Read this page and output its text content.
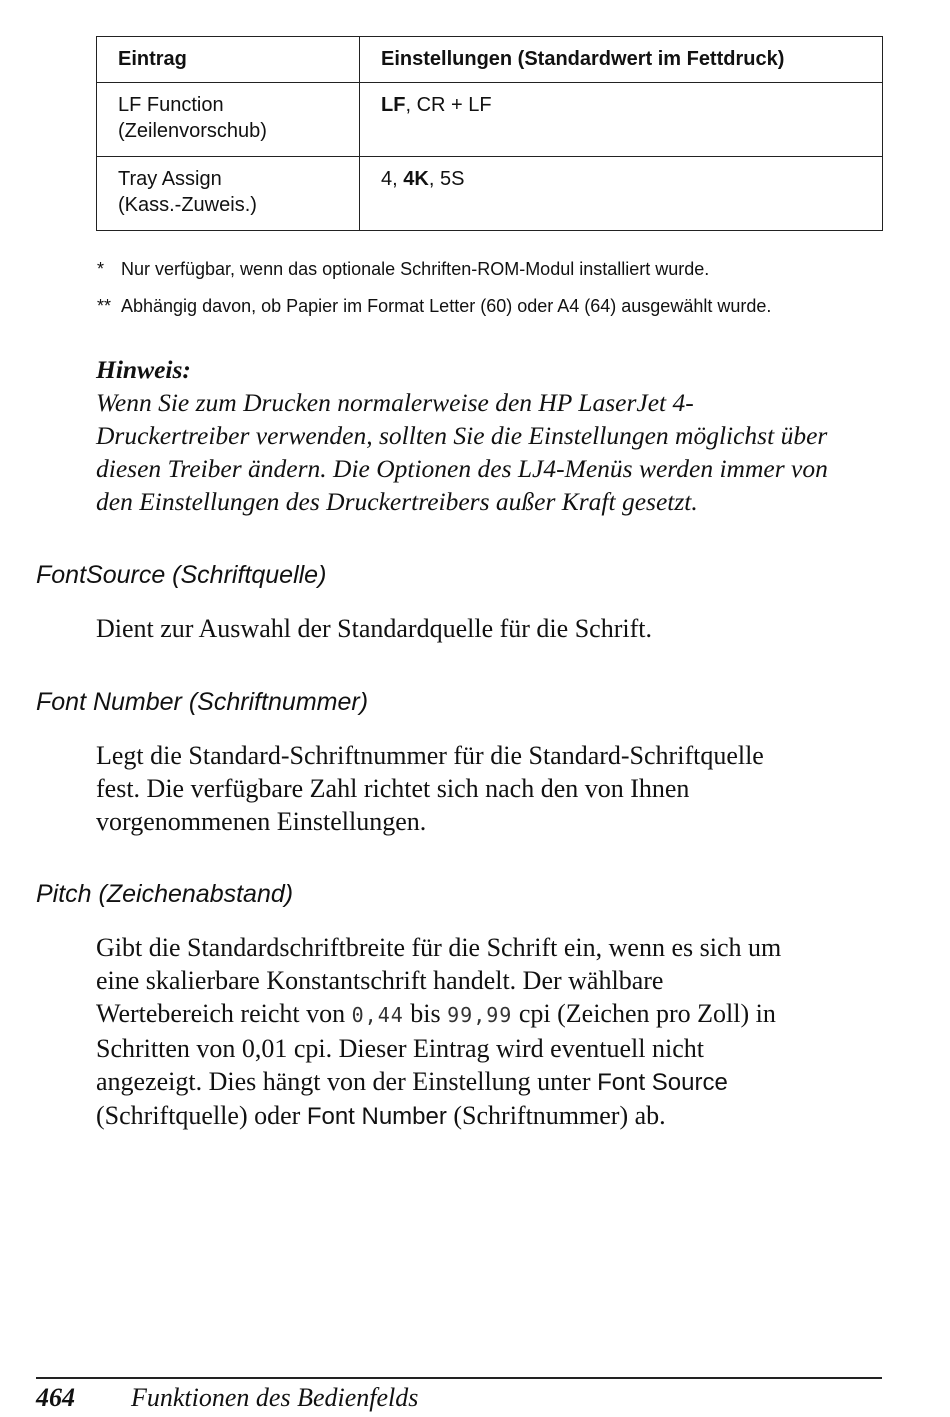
Eintrag	Einstellungen (Standardwert im Fettdruck)
LF Function
(Zeilenvorschub)	LF, CR + LF
Tray Assign
(Kass.-Zuweis.)	4, 4K, 5S
* Nur verfügbar, wenn das optionale Schriften-ROM-Modul installiert wurde.
** Abhängig davon, ob Papier im Format Letter (60) oder A4 (64) ausgewählt wurde.
Hinweis:
Wenn Sie zum Drucken normalerweise den HP LaserJet 4-
Druckertreiber verwenden, sollten Sie die Einstellungen möglichst über
diesen Treiber ändern. Die Optionen des LJ4-Menüs werden immer von
den Einstellungen des Druckertreibers außer Kraft gesetzt.
FontSource (Schriftquelle)
Dient zur Auswahl der Standardquelle für die Schrift.
Font Number (Schriftnummer)
Legt die Standard-Schriftnummer für die Standard-Schriftquelle
fest. Die verfügbare Zahl richtet sich nach den von Ihnen
vorgenommenen Einstellungen.
Pitch (Zeichenabstand)
Gibt die Standardschriftbreite für die Schrift ein, wenn es sich um
eine skalierbare Konstantschrift handelt. Der wählbare
Wertebereich reicht von 0,44 bis 99,99 cpi (Zeichen pro Zoll) in
Schritten von 0,01 cpi. Dieser Eintrag wird eventuell nicht
angezeigt. Dies hängt von der Einstellung unter Font Source
(Schriftquelle) oder Font Number (Schriftnummer) ab.
464 Funktionen des Bedienfelds
